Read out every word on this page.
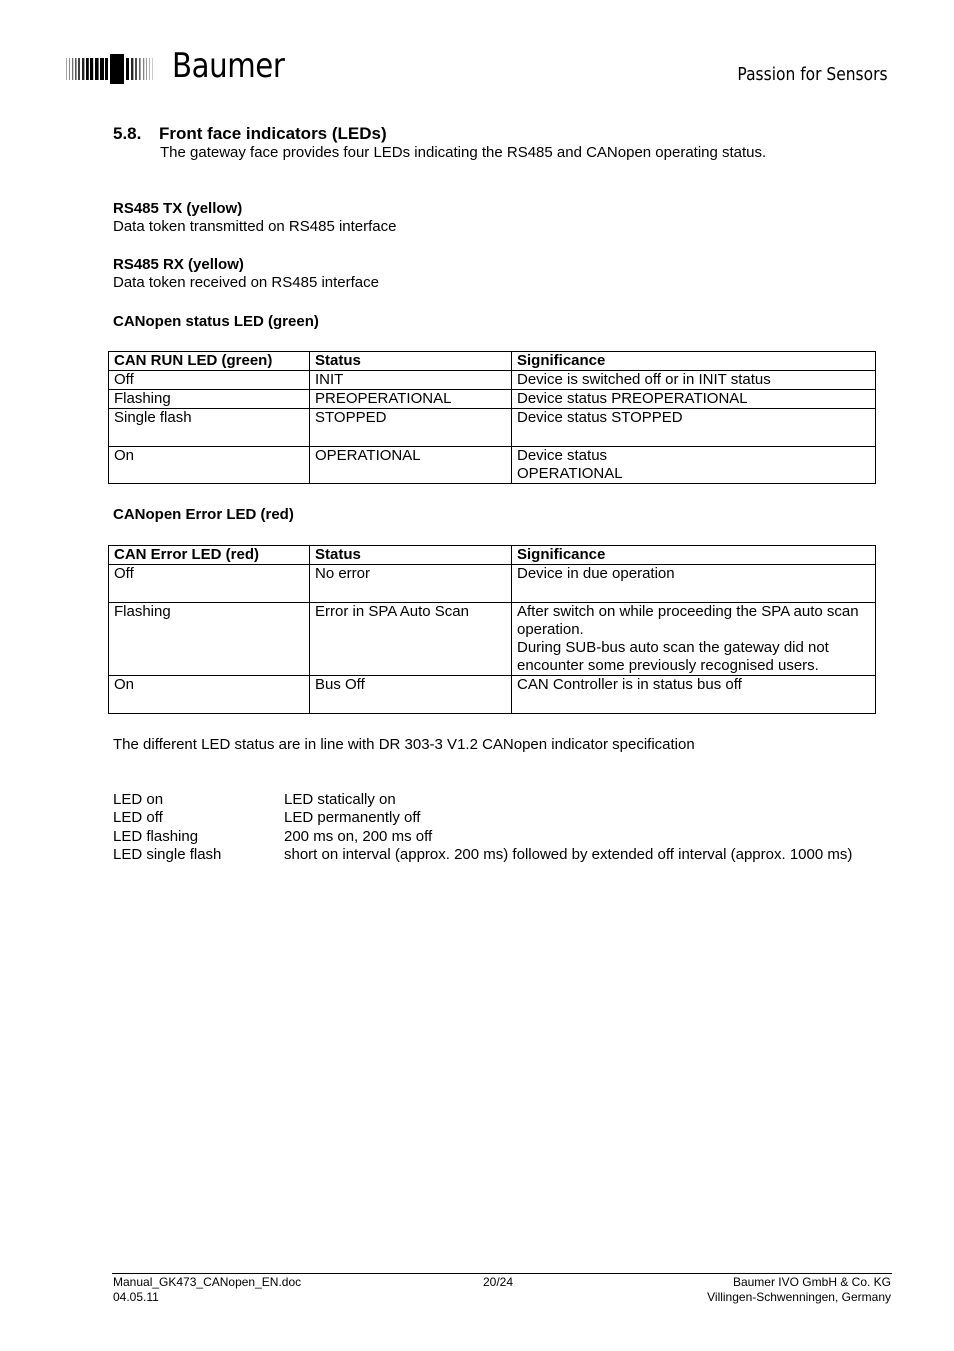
Baumer	Passion for Sensors
5.8. Front face indicators (LEDs)
The gateway face provides four LEDs indicating the RS485 and CANopen operating status.
RS485 TX (yellow)
Data token transmitted on RS485 interface
RS485 RX (yellow)
Data token received on RS485 interface
CANopen status LED (green)
CAN RUN LED (green)	Status	Significance
Off	INIT	Device is switched off or in INIT status
Flashing	PREOPERATIONAL	Device status PREOPERATIONAL
Single flash	STOPPED	Device status STOPPED
On	OPERATIONAL	Device status
OPERATIONAL
CANopen Error LED (red)
CAN Error LED (red)	Status	Significance
Off	No error	Device in due operation
Flashing	Error in SPA Auto Scan	After switch on while proceeding the SPA auto scan operation.
During SUB-bus auto scan the gateway did not encounter some previously recognised users.

On	Bus Off	CAN Controller is in status bus off
The different LED status are in line with DR 303-3 V1.2 CANopen indicator specification
LED on	LED statically on
LED off	LED permanently off
LED flashing	200 ms on, 200 ms off
LED single flash	short on interval (approx. 200 ms) followed by extended off interval (approx. 1000 ms)
Manual_GK473_CANopen_EN.doc
04.05.11
20/24	Baumer IVO GmbH & Co. KG
Villingen-Schwenningen, Germany
